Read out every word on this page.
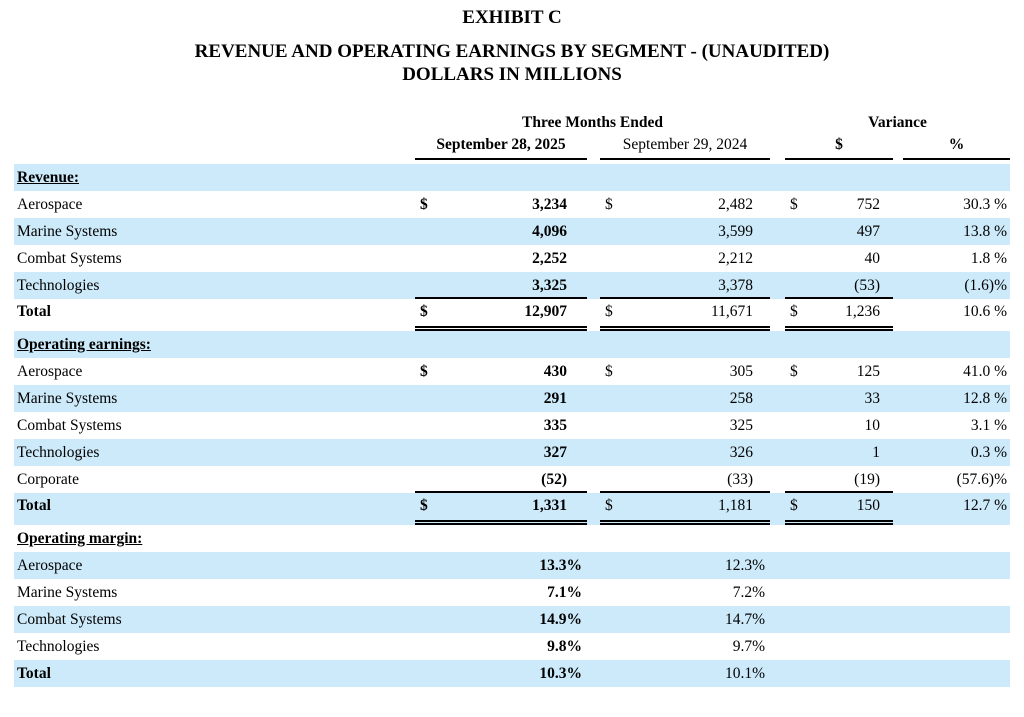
EXHIBIT C
REVENUE AND OPERATING EARNINGS BY SEGMENT - (UNAUDITED)
DOLLARS IN MILLIONS
Three Months Ended	Variance
September 28, 2025	September 29, 2024	$	%
Revenue:
Aerospace	$	3,234	$	2,482	$	752	30.3 %
Marine Systems	4,096	3,599	497	13.8 %
Combat Systems	2,252	2,212	40	1.8 %
Technologies	3,325	3,378	(53)	(1.6)%
Total	$	12,907	$	11,671	$	1,236	10.6 %
Operating earnings:
Aerospace	$	430	$	305	$	125	41.0 %
Marine Systems	291	258	33	12.8 %
Combat Systems	335	325	10	3.1 %
Technologies	327	326	1	0.3 %
Corporate	(52)	(33)	(19)	(57.6)%
Total	$	1,331	$	1,181	$	150	12.7 %
Operating margin:
Aerospace	13.3%	12.3%
Marine Systems	7.1%	7.2%
Combat Systems	14.9%	14.7%
Technologies	9.8%	9.7%
Total	10.3%	10.1%
